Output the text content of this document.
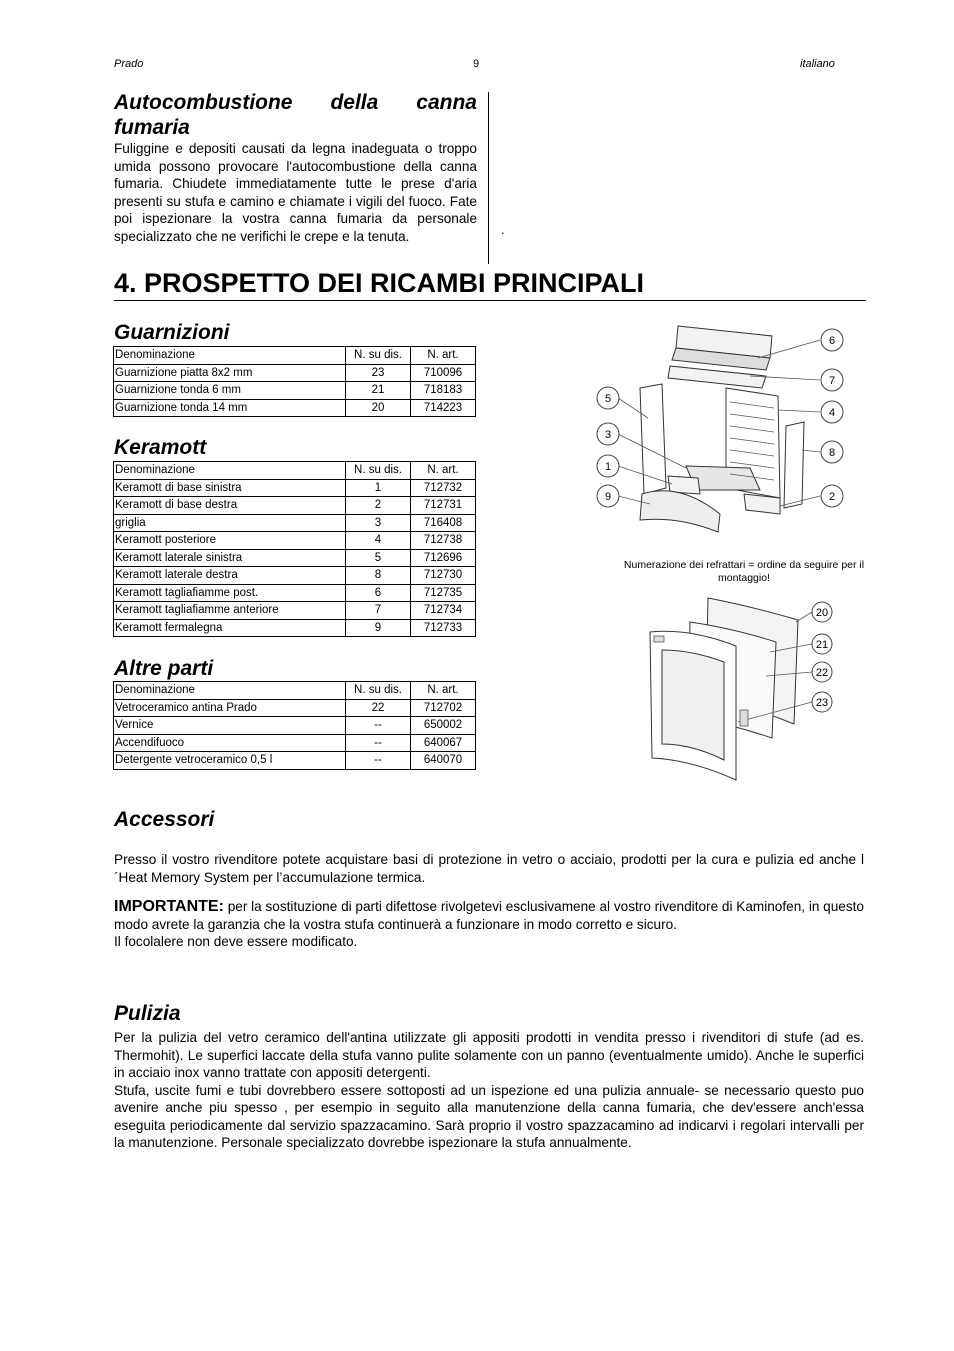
Prado	9	italiano
Autocombustione della canna fumaria

Fuliggine e depositi causati da legna inadeguata o troppo umida possono provocare l'autocombustione della canna fumaria. Chiudete immediatamente tutte le prese d'aria presenti su stufa e camino e chiamate i vigili del fuoco. Fate poi ispezionare la vostra canna fumaria da personale specializzato che ne verifichi le crepe e la tenuta.	.
4. PROSPETTO DEI RICAMBI PRINCIPALI
Guarnizioni
Denominazione	N. su dis.	N. art.
Guarnizione piatta 8x2 mm	23	710096
Guarnizione tonda 6 mm	21	718183
Guarnizione tonda 14 mm	20	714223
Keramott
Denominazione	N. su dis.	N. art.
Keramott di base sinistra	1	712732
Keramott di base destra	2	712731
griglia	3	716408
Keramott posteriore	4	712738
Keramott laterale sinistra	5	712696
Keramott laterale destra	8	712730
Keramott tagliafiamme post.	6	712735
Keramott tagliafiamme anteriore	7	712734
Keramott fermalegna	9	712733
Altre parti
Denominazione	N. su dis.	N. art.
Vetroceramico antina Prado	22	712702
Vernice	--	650002
Accendifuoco	--	640067
Detergente vetroceramico 0,5 l	--	640070
6
7
4
5
3
8
1
9	2
Numerazione dei refrattari = ordine da seguire per il montaggio!
20
21
22
23
Accessori

Presso il vostro rivenditore potete acquistare basi di protezione in vetro o acciaio, prodotti per la cura e pulizia ed anche l´Heat Memory System per l’accumulazione termica.

IMPORTANTE: per la sostituzione di parti difettose rivolgetevi esclusivamene al vostro rivenditore di Kaminofen, in questo modo avrete la garanzia che la vostra stufa continuerà a funzionare in modo corretto e sicuro.

Il focolalere non deve essere modificato.

Pulizia

Per la pulizia del vetro ceramico dell'antina utilizzate gli appositi prodotti in vendita presso i rivenditori di stufe (ad es. Thermohit). Le superfici laccate della stufa vanno pulite solamente con un panno (eventualmente umido). Anche le superfici in acciaio inox vanno trattate con appositi detergenti.

Stufa, uscite fumi e tubi dovrebbero essere sottoposti ad un ispezione ed una pulizia annuale- se necessario questo puo avenire anche piu spesso , per esempio in seguito alla manutenzione della canna fumaria, che dev'essere anch'essa eseguita periodicamente dal servizio spazzacamino. Sarà proprio il vostro spazzacamino ad indicarvi i regolari intervalli per la manutenzione. Personale specializzato dovrebbe ispezionare la stufa annualmente.
